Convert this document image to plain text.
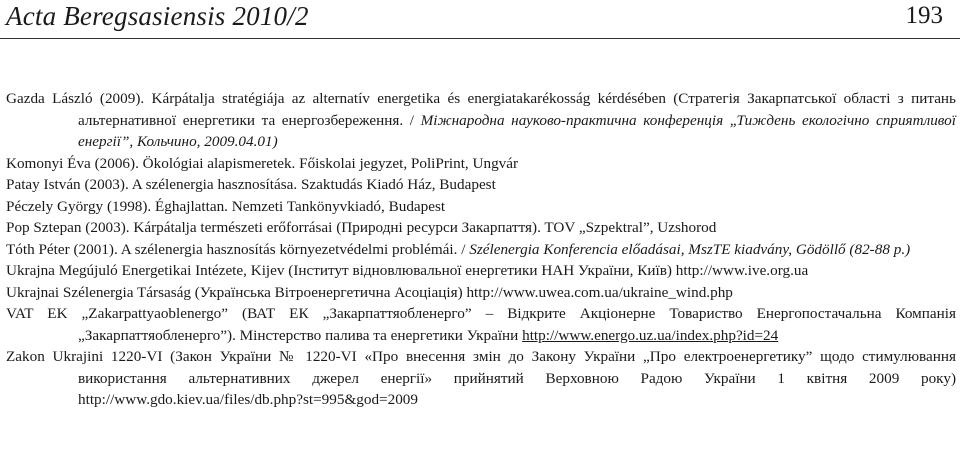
Acta Beregsasiensis 2010/2	193

Gazda László (2009). Kárpátalja stratégiája az alternatív energetika és energiatakarékosság kérdésében (Стратегія Закарпатської області з питань альтернативної енергетики та енергозбереження. / Міжнародна науково-практична конференція „Тиждень екологічно сприятливої енергії”, Кольчино, 2009.04.01)

Komonyi Éva (2006). Ökológiai alapismeretek. Főiskolai jegyzet, PoliPrint, Ungvár

Patay István (2003). A szélenergia hasznosítása. Szaktudás Kiadó Ház, Budapest

Péczely György (1998). Éghajlattan. Nemzeti Tankönyvkiadó, Budapest

Pop Sztepan (2003). Kárpátalja természeti erőforrásai (Природні ресурси Закарпаття). TOV „Szpektral”, Uzshorod

Tóth Péter (2001). A szélenergia hasznosítás környezetvédelmi problémái. / Szélenergia Konferencia előadásai, MszTE kiadvány, Gödöllő (82-88 p.)

Ukrajna Megújuló Energetikai Intézete, Kijev (Інститут відновлювальної енергетики НАН України, Київ) http://www.ive.org.ua

Ukrajnai Szélenergia Társaság (Українська Вітроенергетична Асоціація) http://www.uwea.com.ua/ukraine_wind.php

VAT EK „Zakarpattyaoblenergo” (ВАТ ЕК „Закарпаттяобленерго” – Відкрите Акціонерне Товариство Енергопостачальна Компанія „Закарпаттяобленерго”). Мінстерство палива та енергетики України http://www.energo.uz.ua/index.php?id=24

Zakon Ukrajini 1220-VI (Закон України № 1220-VI «Про внесення змін до Закону України „Про електроенергетику” щодо стимулювання використання альтернативних джерел енергії» прийнятий Верховною Радою України 1 квітня 2009 року) http://www.gdo.kiev.ua/files/db.php?st=995&god=2009
